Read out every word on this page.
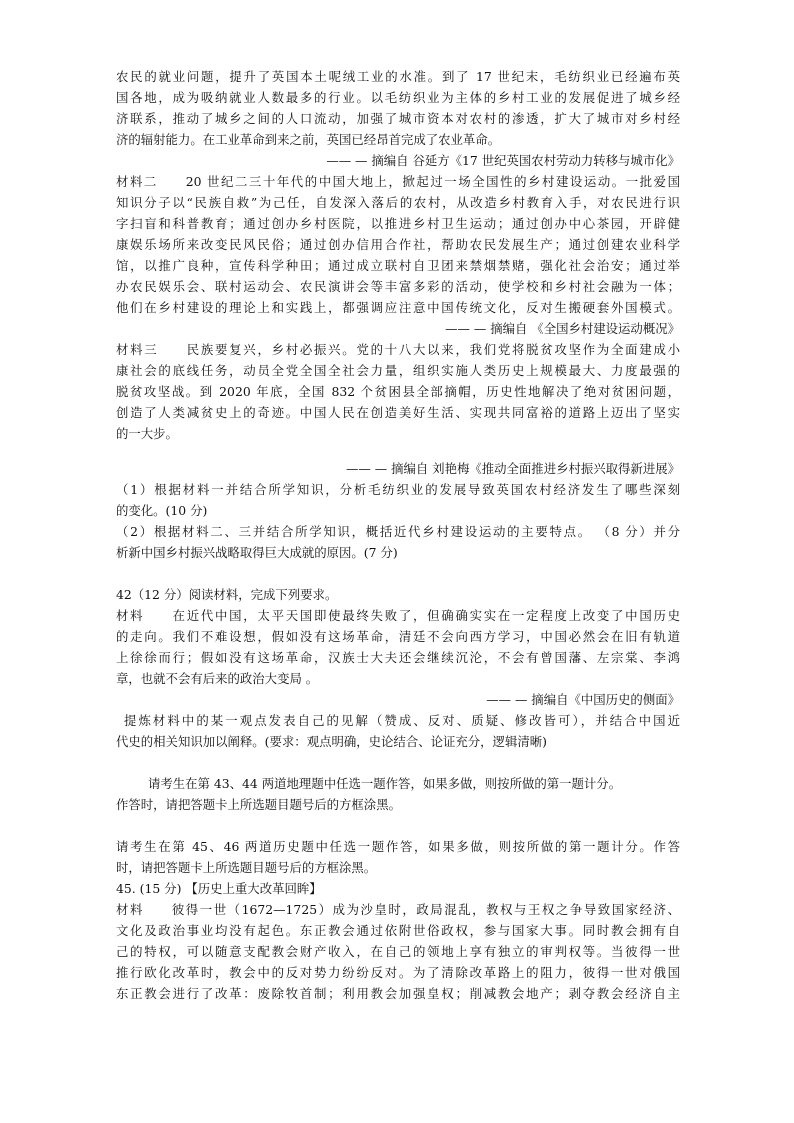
农民的就业问题，提升了英国本土呢绒工业的水准。到了 17 世纪末，毛纺织业已经遍布英
国各地，成为吸纳就业人数最多的行业。以毛纺织业为主体的乡村工业的发展促进了城乡经
济联系，推动了城乡之间的人口流动，加强了城市资本对农村的渗透，扩大了城市对乡村经
济的辐射能力。在工业革命到来之前，英国已经昂首完成了农业革命。
—— — 摘编自 谷延方《17 世纪英国农村劳动力转移与城市化》
材料二　　20 世纪二三十年代的中国大地上，掀起过一场全国性的乡村建设运动。一批爱国
知识分子以“民族自救”为己任，自发深入落后的农村，从改造乡村教育入手，对农民进行识
字扫盲和科普教育；通过创办乡村医院，以推进乡村卫生运动；通过创办中心茶园，开辟健
康娱乐场所来改变民风民俗；通过创办信用合作社，帮助农民发展生产；通过创建农业科学
馆，以推广良种，宣传科学种田；通过成立联村自卫团来禁烟禁赌，强化社会治安；通过举
办农民娱乐会、联村运动会、农民演讲会等丰富多彩的活动，使学校和乡村社会融为一体；
他们在乡村建设的理论上和实践上，都强调应注意中国传统文化，反对生搬硬套外国模式。
—— — 摘编自 《全国乡村建设运动概况》
材料三　　民族要复兴，乡村必振兴。党的十八大以来，我们党将脱贫攻坚作为全面建成小
康社会的底线任务，动员全党全国全社会力量，组织实施人类历史上规模最大、力度最强的
脱贫攻坚战。到 2020 年底，全国 832 个贫困县全部摘帽，历史性地解决了绝对贫困问题，
创造了人类减贫史上的奇迹。中国人民在创造美好生活、实现共同富裕的道路上迈出了坚实
的一大步。
—— — 摘编自 刘艳梅《推动全面推进乡村振兴取得新进展》
（1）根据材料一并结合所学知识，分析毛纺织业的发展导致英国农村经济发生了哪些深刻
的变化。(10 分)
（2）根据材料二、三并结合所学知识，概括近代乡村建设运动的主要特点。 （8 分）并分
析新中国乡村振兴战略取得巨大成就的原因。(7 分)
42（12 分）阅读材料，完成下列要求。
材料　　在近代中国，太平天国即使最终失败了，但确确实实在一定程度上改变了中国历史
的走向。我们不难设想，假如没有这场革命，清廷不会向西方学习，中国必然会在旧有轨道
上徐徐而行；假如没有这场革命，汉族士大夫还会继续沉沦，不会有曾国藩、左宗棠、李鸿
章，也就不会有后来的政治大变局 。
—— — 摘编自《中国历史的侧面》
提炼材料中的某一观点发表自己的见解（赞成、反对、质疑、修改皆可），并结合中国近
代史的相关知识加以阐释。(要求：观点明确，史论结合、论证充分，逻辑清晰)
请考生在第 43、44 两道地理题中任选一题作答，如果多做，则按所做的第一题计分。
作答时，请把答题卡上所选题目题号后的方框涂黑。
请考生在第 45、46 两道历史题中任选一题作答，如果多做，则按所做的第一题计分。作答
时，请把答题卡上所选题目题号后的方框涂黑。
45. (15 分) 【历史上重大改革回眸】
材料　　彼得一世（1672—1725）成为沙皇时，政局混乱，教权与王权之争导致国家经济、
文化及政治事业均没有起色。东正教会通过依附世俗政权，参与国家大事。同时教会拥有自
己的特权，可以随意支配教会财产收入，在自己的领地上享有独立的审判权等。当彼得一世
推行欧化改革时，教会中的反对势力纷纷反对。为了清除改革路上的阻力，彼得一世对俄国
东正教会进行了改革：废除牧首制；利用教会加强皇权；削减教会地产；剥夺教会经济自主
